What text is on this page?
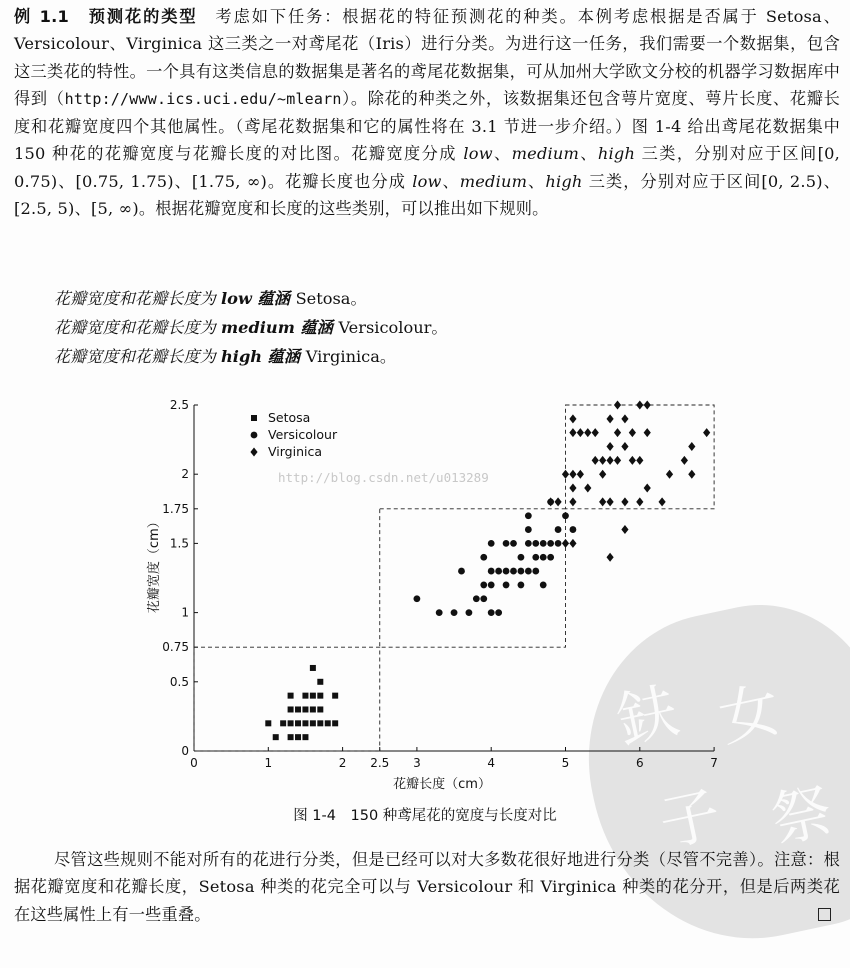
鈇 女
子 祭
例 1.1　 预测花的类型　 考虑如下任务：根据花的特征预测花的种类。本例考虑根据是否属于 Setosa、Versicolour、Virginica 这三类之一对鸢尾花（Iris）进行分类。为进行这一任务，我们需要一个数据集，包含这三类花的特性。一个具有这类信息的数据集是著名的鸢尾花数据集，可从加州大学欧文分校的机器学习数据库中得到（http://www.ics.uci.edu/~mlearn）。除花的种类之外，该数据集还包含萼片宽度、萼片长度、花瓣长度和花瓣宽度四个其他属性。（鸢尾花数据集和它的属性将在 3.1 节进一步介绍。）图 1-4 给出鸢尾花数据集中 150 种花的花瓣宽度与花瓣长度的对比图。花瓣宽度分成 low、medium、high 三类，分别对应于区间[0, 0.75)、[0.75, 1.75)、[1.75, ∞)。花瓣长度也分成 low、medium、high 三类，分别对应于区间[0, 2.5)、[2.5, 5)、[5, ∞)。根据花瓣宽度和长度的这些类别，可以推出如下规则。
花瓣宽度和花瓣长度为 low 蕴涵 Setosa。
花瓣宽度和花瓣长度为 medium 蕴涵 Versicolour。
花瓣宽度和花瓣长度为 high 蕴涵 Virginica。
http://blog.csdn.net/u013289
0	1	2 2.5 3	4	5	6	7
0
0.5
0.75
1
1.5
1.75
2
2.5
Setosa
Versicolour
Virginica
花瓣长度（cm）
花瓣宽度（cm）
图 1-4　150 种鸢尾花的宽度与长度对比
尽管这些规则不能对所有的花进行分类，但是已经可以对大多数花很好地进行分类（尽管不完善）。注意：根据花瓣宽度和花瓣长度，Setosa 种类的花完全可以与 Versicolour 和 Virginica 种类的花分开，但是后两类花在这些属性上有一些重叠。
